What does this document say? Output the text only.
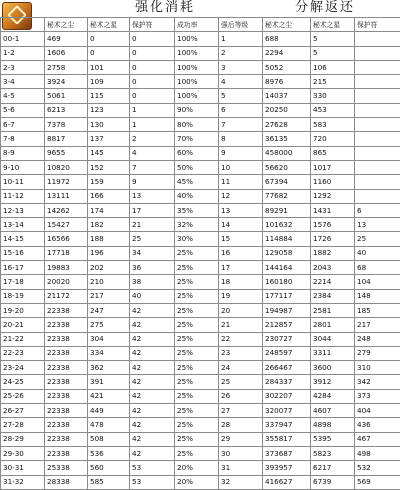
强化消耗	分解返还
	秘术之尘	秘术之星	保护符	成功率	强后等级	秘术之尘	秘术之星	保护符
00-1	469	0	0	100%	1	688	5	
1-2	1606	0	0	100%	2	2294	5	
2-3	2758	101	0	100%	3	5052	106	
3-4	3924	109	0	100%	4	8976	215	
4-5	5061	115	0	100%	5	14037	330	
5-6	6213	123	1	90%	6	20250	453	
6-7	7378	130	1	80%	7	27628	583	
7-8	8817	137	2	70%	8	36135	720	
8-9	9655	145	4	60%	9	458000	865	
9-10	10820	152	7	50%	10	56620	1017	
10-11	11972	159	9	45%	11	67394	1160	
11-12	13111	166	13	40%	12	77682	1292	
12-13	14262	174	17	35%	13	89291	1431	6
13-14	15427	182	21	32%	14	101632	1576	13
14-15	16566	188	25	30%	15	114884	1726	25
15-16	17718	196	34	25%	16	129058	1882	40
16-17	19883	202	36	25%	17	144164	2043	68
17-18	20020	210	38	25%	18	160180	2214	104
18-19	21172	217	40	25%	19	177117	2384	148
19-20	22338	247	42	25%	20	194987	2581	185
20-21	22338	275	42	25%	21	212857	2801	217
21-22	22338	304	42	25%	22	230727	3044	248
22-23	22338	334	42	25%	23	248597	3311	279
23-24	22338	362	42	25%	24	266467	3600	310
24-25	22338	391	42	25%	25	284337	3912	342
25-26	22338	421	42	25%	26	302207	4284	373
26-27	22338	449	42	25%	27	320077	4607	404
27-28	22338	478	42	25%	28	337947	4898	436
28-29	22338	508	42	25%	29	355817	5395	467
29-30	22338	536	42	25%	30	373687	5823	498
30-31	25338	560	53	20%	31	393957	6217	532
31-32	28338	585	53	20%	32	416627	6739	569
